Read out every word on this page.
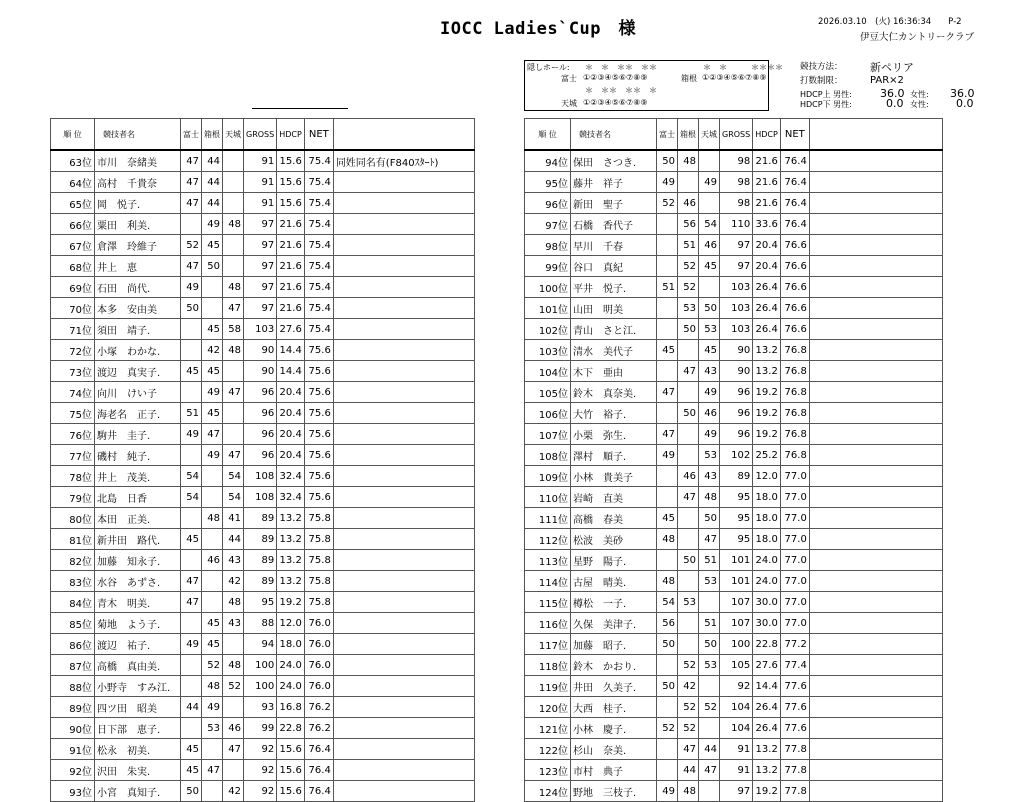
IOCC Ladies`Cup　様	2026.03.10　(火) 16:36:34　　P-2
伊豆大仁カントリークラブ
隠しホール: ＊　＊　＊＊　＊＊	＊　＊　　　＊＊＊＊
富士 ①②③④⑤⑥⑦⑧⑨	箱根 ①②③④⑤⑥⑦⑧⑨
＊　＊＊　＊＊　＊
天城 ①②③④⑤⑥⑦⑧⑨
競技方法： 新ペリア
打数制限：	PAR×2
HDCP上 男性:	36.0 女性: 36.0
HDCP下 男性:	0.0 女性: 0.0
順 位	競技者名	富士	箱根	天城	GROSS	HDCP	NET	
63位	市川　奈緒美	47	44		91	15.6	75.4	同姓同名有(F840ｽﾀｰﾄ)
64位	高村　千貴奈	47	44		91	15.6	75.4	
65位	岡　悦子.	47	44		91	15.6	75.4	
66位	粟田　利美.		49	48	97	21.6	75.4	
67位	倉澤　玲維子	52	45		97	21.6	75.4	
68位	井上　恵	47	50		97	21.6	75.4	
69位	石田　尚代.	49		48	97	21.6	75.4	
70位	本多　安由美	50		47	97	21.6	75.4	
71位	須田　靖子.		45	58	103	27.6	75.4	
72位	小塚　わかな.		42	48	90	14.4	75.6	
73位	渡辺　真実子.	45	45		90	14.4	75.6	
74位	向川　けい子		49	47	96	20.4	75.6	
75位	海老名　正子.	51	45		96	20.4	75.6	
76位	駒井　圭子.	49	47		96	20.4	75.6	
77位	磯村　純子.		49	47	96	20.4	75.6	
78位	井上　茂美.	54		54	108	32.4	75.6	
79位	北島　日香	54		54	108	32.4	75.6	
80位	本田　正美.		48	41	89	13.2	75.8	
81位	新井田　路代.	45		44	89	13.2	75.8	
82位	加藤　知永子.		46	43	89	13.2	75.8	
83位	水谷　あずさ.	47		42	89	13.2	75.8	
84位	青木　明美.	47		48	95	19.2	75.8	
85位	菊地　よう子.		45	43	88	12.0	76.0	
86位	渡辺　祐子.	49	45		94	18.0	76.0	
87位	高橋　真由美.		52	48	100	24.0	76.0	
88位	小野寺　すみ江.		48	52	100	24.0	76.0	
89位	四ツ田　昭美	44	49		93	16.8	76.2	
90位	日下部　恵子.		53	46	99	22.8	76.2	
91位	松永　初美.	45		47	92	15.6	76.4	
92位	沢田　朱実.	45	47		92	15.6	76.4	
93位	小宮　真知子.	50		42	92	15.6	76.4	
順 位	競技者名	富士	箱根	天城	GROSS	HDCP	NET	
94位	保田　さつき.	50	48		98	21.6	76.4	
95位	藤井　祥子	49		49	98	21.6	76.4	
96位	新田　聖子	52	46		98	21.6	76.4	
97位	石橋　香代子		56	54	110	33.6	76.4	
98位	早川　千春		51	46	97	20.4	76.6	
99位	谷口　真紀		52	45	97	20.4	76.6	
100位	平井　悦子.	51	52		103	26.4	76.6	
101位	山田　明美		53	50	103	26.4	76.6	
102位	青山　さと江.		50	53	103	26.4	76.6	
103位	清水　美代子	45		45	90	13.2	76.8	
104位	木下　亜由		47	43	90	13.2	76.8	
105位	鈴木　真奈美.	47		49	96	19.2	76.8	
106位	大竹　裕子.		50	46	96	19.2	76.8	
107位	小栗　弥生.	47		49	96	19.2	76.8	
108位	澤村　順子.	49		53	102	25.2	76.8	
109位	小林　貴美子		46	43	89	12.0	77.0	
110位	岩崎　直美		47	48	95	18.0	77.0	
111位	高橋　春美	45		50	95	18.0	77.0	
112位	松波　美砂	48		47	95	18.0	77.0	
113位	星野　陽子.		50	51	101	24.0	77.0	
114位	古屋　晴美.	48		53	101	24.0	77.0	
115位	樽松　一子.	54	53		107	30.0	77.0	
116位	久保　美津子.	56		51	107	30.0	77.0	
117位	加藤　昭子.	50		50	100	22.8	77.2	
118位	鈴木　かおり.		52	53	105	27.6	77.4	
119位	井田　久美子.	50	42		92	14.4	77.6	
120位	大西　桂子.		52	52	104	26.4	77.6	
121位	小林　慶子.	52	52		104	26.4	77.6	
122位	杉山　奈美.		47	44	91	13.2	77.8	
123位	市村　典子		44	47	91	13.2	77.8	
124位	野地　三枝子.	49	48		97	19.2	77.8	
